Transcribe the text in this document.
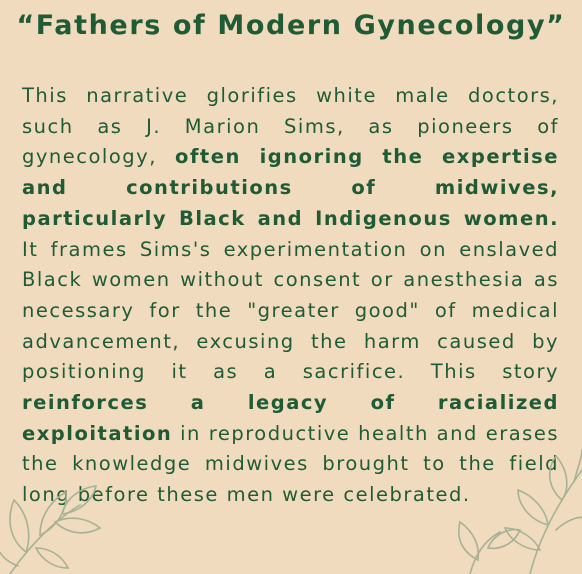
“Fathers of Modern Gynecology”
This narrative glorifies white male doctors, such as J. Marion Sims, as pioneers of gynecology, often ignoring the expertise and contributions of midwives, particularly Black and Indigenous women. It frames Sims's experimentation on enslaved Black women without consent or anesthesia as necessary for the "greater good" of medical advancement, excusing the harm caused by positioning it as a sacrifice. This story reinforces a legacy of racialized exploitation in reproductive health and erases the knowledge midwives brought to the field long before these men were celebrated.
